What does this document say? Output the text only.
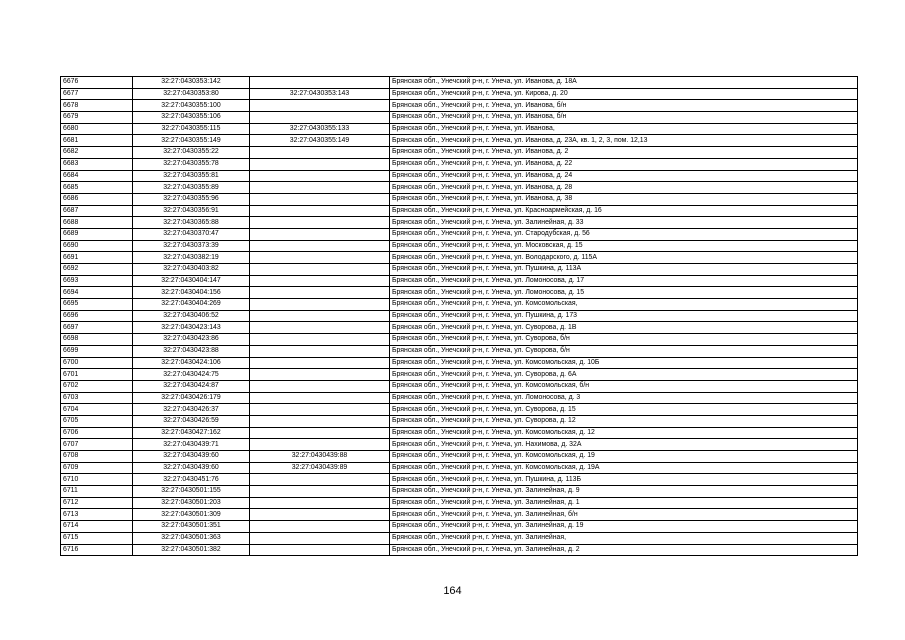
6676	32:27:0430353:142		Брянская обл., Унечский р-н, г. Унеча, ул. Иванова, д. 18А
6677	32:27:0430353:80	32:27:0430353:143	Брянская обл., Унечский р-н, г. Унеча, ул. Кирова, д. 20
6678	32:27:0430355:100		Брянская обл., Унечский р-н, г. Унеча, ул. Иванова, б/н
6679	32:27:0430355:106		Брянская обл., Унечский р-н, г. Унеча, ул. Иванова, б/н
6680	32:27:0430355:115	32:27:0430355:133	Брянская обл., Унечский р-н, г. Унеча, ул. Иванова,
6681	32:27:0430355:149	32:27:0430355:149	Брянская обл., Унечский р-н, г. Унеча, ул. Иванова, д. 23А, кв. 1, 2, 3, пом. 12,13
6682	32:27:0430355:22		Брянская обл., Унечский р-н, г. Унеча, ул. Иванова, д. 2
6683	32:27:0430355:78		Брянская обл., Унечский р-н, г. Унеча, ул. Иванова, д. 22
6684	32:27:0430355:81		Брянская обл., Унечский р-н, г. Унеча, ул. Иванова, д. 24
6685	32:27:0430355:89		Брянская обл., Унечский р-н, г. Унеча, ул. Иванова, д. 28
6686	32:27:0430355:96		Брянская обл., Унечский р-н, г. Унеча, ул. Иванова, д. 38
6687	32:27:0430356:91		Брянская обл., Унечский р-н, г. Унеча, ул. Красноармейская, д. 16
6688	32:27:0430365:88		Брянская обл., Унечский р-н, г. Унеча, ул. Залинейная, д. 33
6689	32:27:0430370:47		Брянская обл., Унечский р-н, г. Унеча, ул. Стародубская, д. 56
6690	32:27:0430373:39		Брянская обл., Унечский р-н, г. Унеча, ул. Московская, д. 15
6691	32:27:0430382:19		Брянская обл., Унечский р-н, г. Унеча, ул. Володарского, д. 115А
6692	32:27:0430403:82		Брянская обл., Унечский р-н, г. Унеча, ул. Пушкина, д. 113А
6693	32:27:0430404:147		Брянская обл., Унечский р-н, г. Унеча, ул. Ломоносова, д. 17
6694	32:27:0430404:156		Брянская обл., Унечский р-н, г. Унеча, ул. Ломоносова, д. 15
6695	32:27:0430404:269		Брянская обл., Унечский р-н, г. Унеча, ул. Комсомольская,
6696	32:27:0430406:52		Брянская обл., Унечский р-н, г. Унеча, ул. Пушкина, д. 173
6697	32:27:0430423:143		Брянская обл., Унечский р-н, г. Унеча, ул. Суворова, д. 1В
6698	32:27:0430423:86		Брянская обл., Унечский р-н, г. Унеча, ул. Суворова, б/н
6699	32:27:0430423:88		Брянская обл., Унечский р-н, г. Унеча, ул. Суворова, б/н
6700	32:27:0430424:106		Брянская обл., Унечский р-н, г. Унеча, ул. Комсомольская, д. 10Б
6701	32:27:0430424:75		Брянская обл., Унечский р-н, г. Унеча, ул. Суворова, д. 6А
6702	32:27:0430424:87		Брянская обл., Унечский р-н, г. Унеча, ул. Комсомольская, б/н
6703	32:27:0430426:179		Брянская обл., Унечский р-н, г. Унеча, ул. Ломоносова, д. 3
6704	32:27:0430426:37		Брянская обл., Унечский р-н, г. Унеча, ул. Суворова, д. 15
6705	32:27:0430426:59		Брянская обл., Унечский р-н, г. Унеча, ул. Суворова, д. 12
6706	32:27:0430427:162		Брянская обл., Унечский р-н, г. Унеча, ул. Комсомольская, д. 12
6707	32:27:0430439:71		Брянская обл., Унечский р-н, г. Унеча, ул. Нахимова, д. 32А
6708	32:27:0430439:60	32:27:0430439:88	Брянская обл., Унечский р-н, г. Унеча, ул. Комсомольская, д. 19
6709	32:27:0430439:60	32:27:0430439:89	Брянская обл., Унечский р-н, г. Унеча, ул. Комсомольская, д. 19А
6710	32:27:0430451:76		Брянская обл., Унечский р-н, г. Унеча, ул. Пушкина, д. 113Б
6711	32:27:0430501:155		Брянская обл., Унечский р-н, г. Унеча, ул. Залинейная, д. 9
6712	32:27:0430501:203		Брянская обл., Унечский р-н, г. Унеча, ул. Залинейная, д. 1
6713	32:27:0430501:309		Брянская обл., Унечский р-н, г. Унеча, ул. Залинейная, б/н
6714	32:27:0430501:351		Брянская обл., Унечский р-н, г. Унеча, ул. Залинейная, д. 19
6715	32:27:0430501:363		Брянская обл., Унечский р-н, г. Унеча, ул. Залинейная,
6716	32:27:0430501:382		Брянская обл., Унечский р-н, г. Унеча, ул. Залинейная, д. 2
164
